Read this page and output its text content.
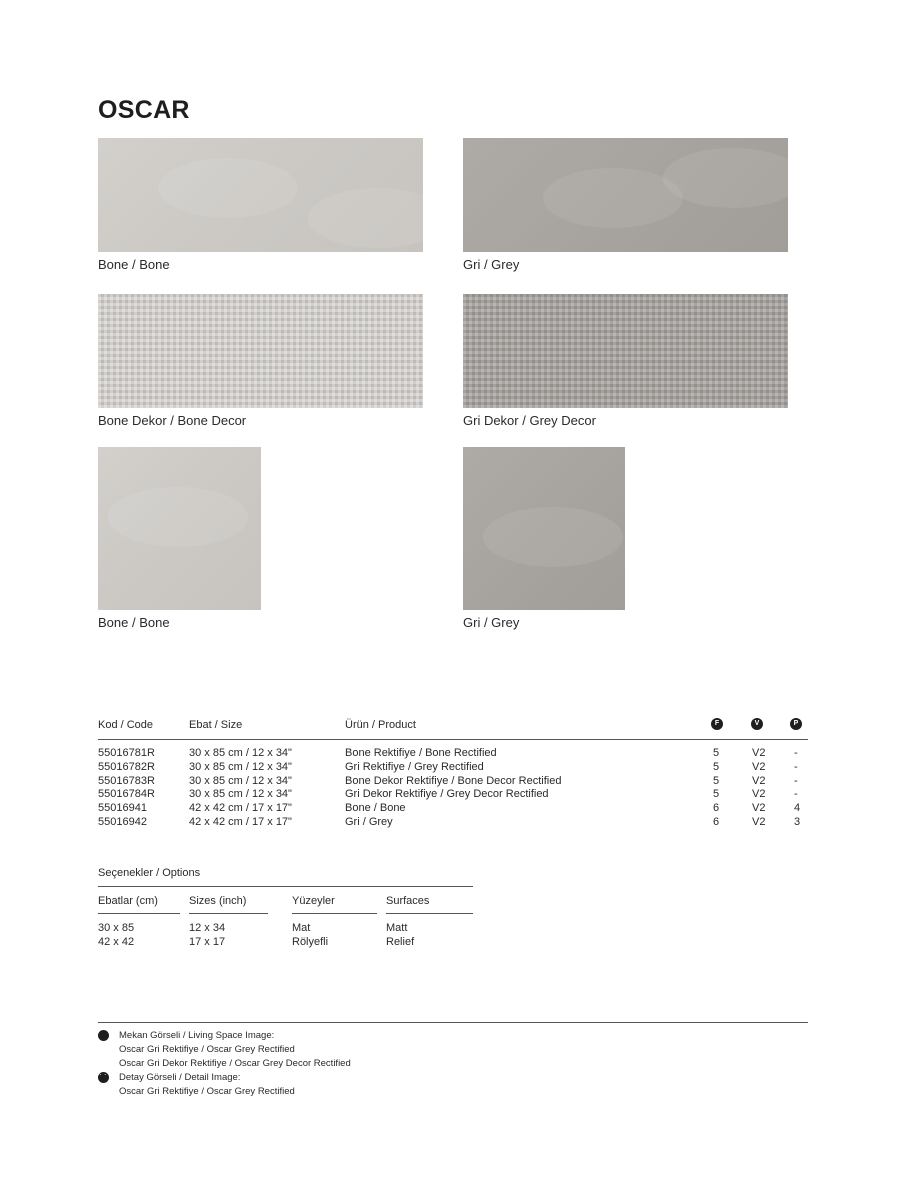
OSCAR
Bone / Bone	Gri / Grey
Bone Dekor / Bone Decor	Gri Dekor / Grey Decor
Bone / Bone	Gri / Grey
Kod / Code	Ebat / Size	Ürün / Product	F	V	P
55016781R	30 x 85 cm / 12 x 34"	Bone Rektifiye / Bone Rectified	5	V2	-
55016782R	30 x 85 cm / 12 x 34"	Gri Rektifiye / Grey Rectified	5	V2	-
55016783R	30 x 85 cm / 12 x 34"	Bone Dekor Rektifiye / Bone Decor Rectified	5	V2	-
55016784R	30 x 85 cm / 12 x 34"	Gri Dekor Rektifiye / Grey Decor Rectified	5	V2	-
55016941	42 x 42 cm / 17 x 17"	Bone / Bone	6	V2	4
55016942	42 x 42 cm / 17 x 17"	Gri / Grey	6	V2	3
Seçenekler / Options
Ebatlar (cm)	Sizes (inch)	Yüzeyler	Surfaces
30 x 85	12 x 34	Mat	Matt
42 x 42	17 x 17	Rölyefli	Relief
Mekan Görseli / Living Space Image:
Oscar Gri Rektifiye / Oscar Grey Rectified
Oscar Gri Dekor Rektifiye / Oscar Grey Decor Rectified
· ·
Detay Görseli / Detail Image:
Oscar Gri Rektifiye / Oscar Grey Rectified
